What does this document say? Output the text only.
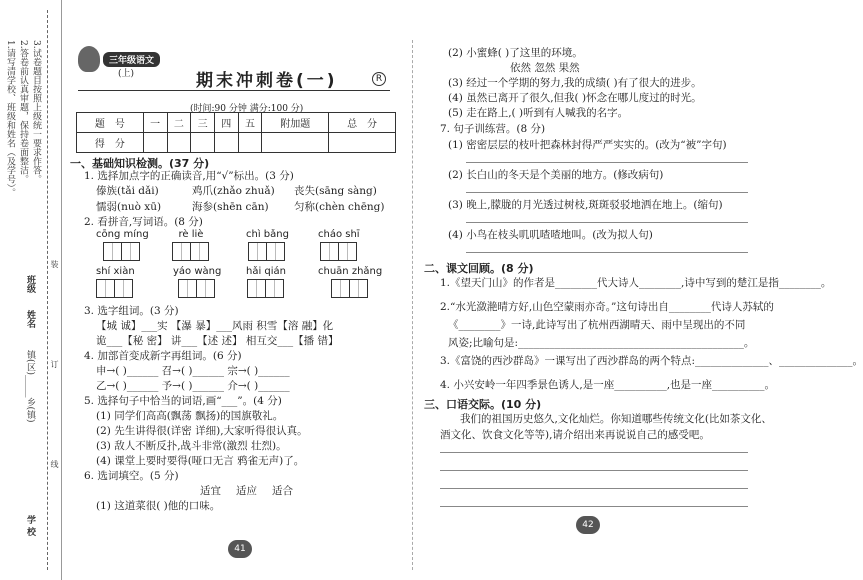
1.请写清学校、班级和姓名（及学号）。 2.答卷前认真审题，保持卷面整洁。 3.试卷题目按照上级统一要求作答。
装
订
线
班级
姓名
镇(区)_____乡(镇)
学 校
三年级语文
(上)	期末冲刺卷(一)	R
(时间:90 分钟 满分:100 分)
题　号	一	二	三	四	五	附加题	总　分
得　分							
一、基础知识检测。(37 分)
1. 选择加点字的正确读音,用“√”标出。(3 分)
傣族(tǎi dǎi)	鸡爪(zhǎo zhuǎ) 丧失(sāng sàng)
懦弱(nuò xū)	海参(shēn cān) 匀称(chèn chēng)
2. 看拼音,写词语。(8 分)
cōng míng	rè liè	chì bǎng	cháo shī
shí xiàn	yáo wàng hǎi qián	chuān zhǎng
3. 选字组词。(3 分)
【城 诚】___实 【瀑 暴】___风雨 积雪【溶 融】化
诡___【秘 密】 讲___【述 述】 相互交___【播 错】
4. 加部首变成新字再组词。(6 分)
申→( )______ 召→( )______ 宗→( )______
乙→( )______ 予→( )______ 介→( )______
5. 选择句子中恰当的词语,画“___”。(4 分)
(1) 同学们高高(飘荡 飘扬)的国旗敬礼。
(2) 先生讲得很(详密 详细),大家听得很认真。
(3) 敌人不断反扑,战斗非常(激烈 壮烈)。
(4) 课堂上要时要得(哑口无言 鸦雀无声)了。
6. 选词填空。(5 分)
适宜 适应 适合
(1) 这道菜很( )他的口味。
41
(2) 小蜜蜂( )了这里的环境。
依然 忽然 果然
(3) 经过一个学期的努力,我的成绩( )有了很大的进步。
(4) 虽然已离开了很久,但我( )怀念在哪儿度过的时光。
(5) 走在路上,( )听到有人喊我的名字。
7. 句子训练营。(8 分)
(1) 密密层层的枝叶把森林封得严严实实的。(改为“被”字句)
(2) 长白山的冬天是个美丽的地方。(修改病句)
(3) 晚上,朦胧的月光透过树枝,斑斑驳驳地洒在地上。(缩句)
(4) 小鸟在枝头叽叽喳喳地叫。(改为拟人句)
二、课文回顾。(8 分)
1.《望天门山》的作者是________代大诗人________,诗中写到的楚江是指________。
2.“水光潋滟晴方好,山色空蒙雨亦奇。”这句诗出自________代诗人苏轼的
《________》一诗,此诗写出了杭州西湖晴天、雨中呈现出的不同
风姿;比喻句是:___________________________________________。
3.《富饶的西沙群岛》一课写出了西沙群岛的两个特点:______________、______________。
4. 小兴安岭一年四季景色诱人,是一座__________,也是一座__________。
三、口语交际。(10 分)
我们的祖国历史悠久,文化灿烂。你知道哪些传统文化(比如茶文化、
酒文化、饮食文化等等),请介绍出来再说说自己的感受吧。
42
